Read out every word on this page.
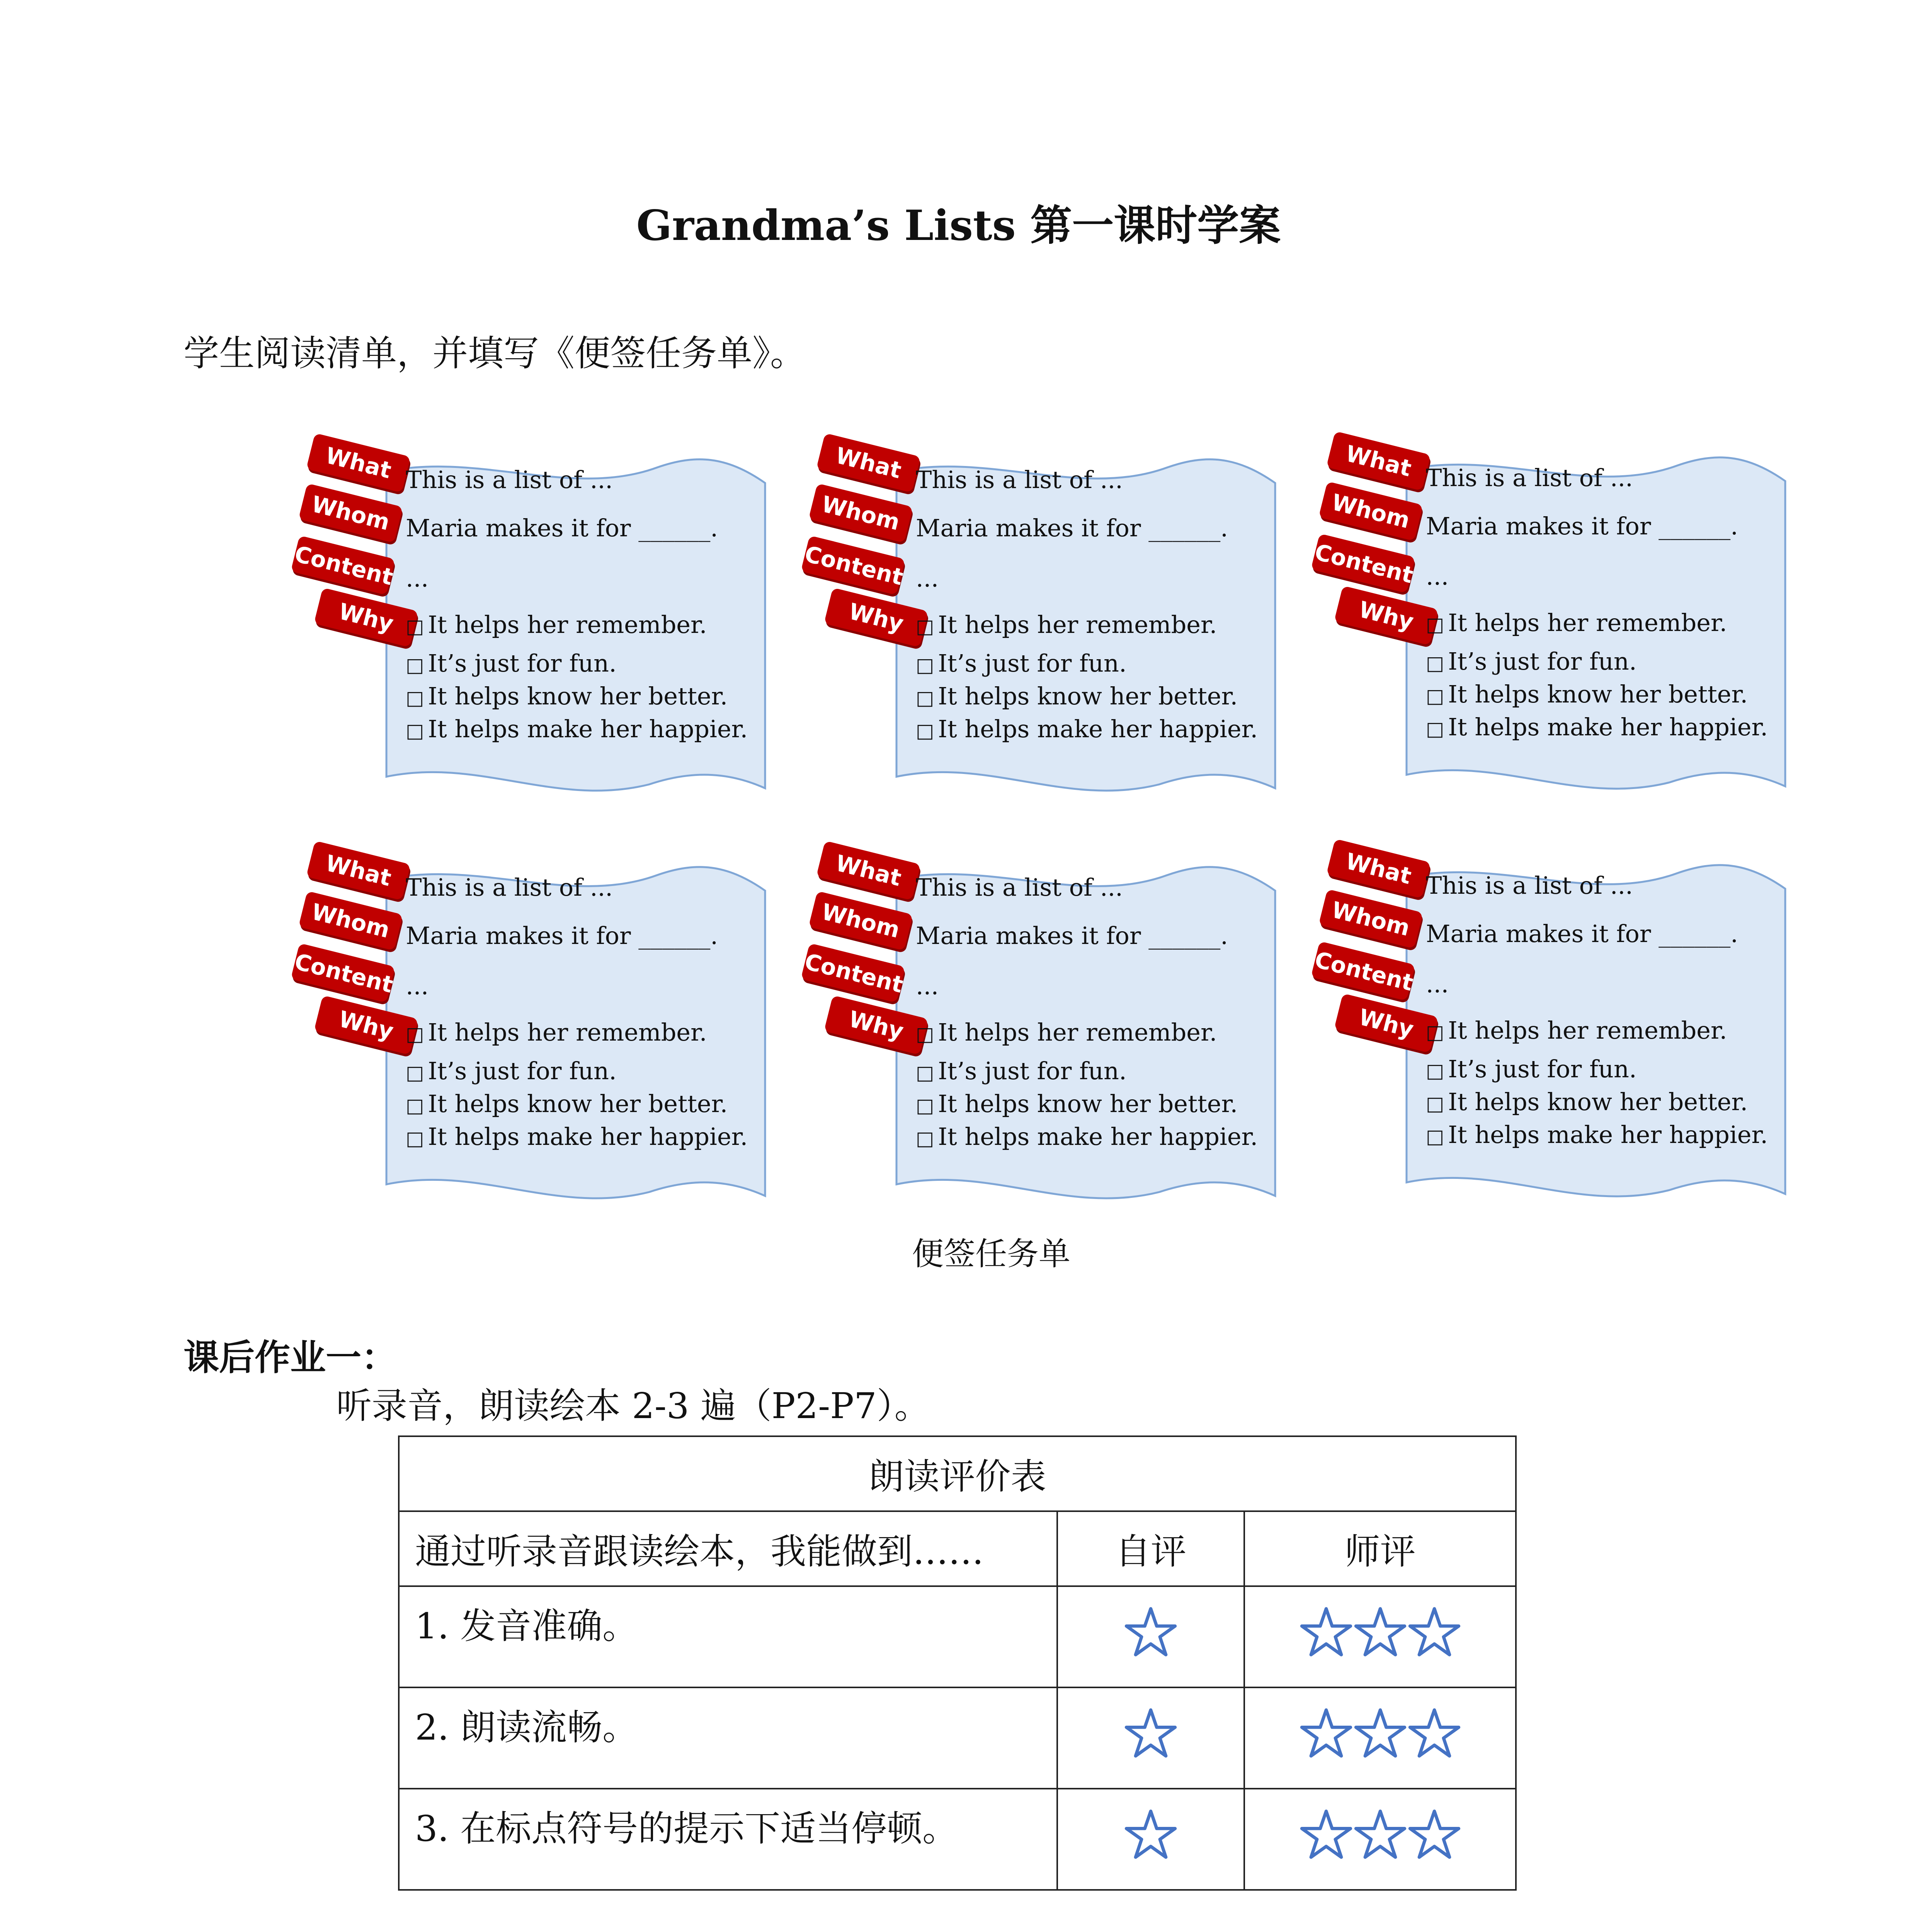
Grandma’s Lists 第一课时学案
学生阅读清单，并填写《便签任务单》。
What
Whom
Content
Why
This is a list of ...
Maria makes it for ______.
...
□ It helps her remember.
□ It’s just for fun.
□ It helps know her better.
□ It helps make her happier.
What
Whom
Content
Why
This is a list of ...
Maria makes it for ______.
...
□ It helps her remember.
□ It’s just for fun.
□ It helps know her better.
□ It helps make her happier.
What
Whom
Content
Why
This is a list of ...
Maria makes it for ______.
...
□ It helps her remember.
□ It’s just for fun.
□ It helps know her better.
□ It helps make her happier.
What
Whom
Content
Why
This is a list of ...
Maria makes it for ______.
...
□ It helps her remember.
□ It’s just for fun.
□ It helps know her better.
□ It helps make her happier.
What
Whom
Content
Why
This is a list of ...
Maria makes it for ______.
...
□ It helps her remember.
□ It’s just for fun.
□ It helps know her better.
□ It helps make her happier.
What
Whom
Content
Why
This is a list of ...
Maria makes it for ______.
...
□ It helps her remember.
□ It’s just for fun.
□ It helps know her better.
□ It helps make her happier.
便签任务单
课后作业一：
听录音，朗读绘本 2-3 遍（P2-P7）。
朗读评价表		
通过听录音跟读绘本，我能做到……	自评	师评
1. 发音准确。		
2. 朗读流畅。		
3. 在标点符号的提示下适当停顿。		
